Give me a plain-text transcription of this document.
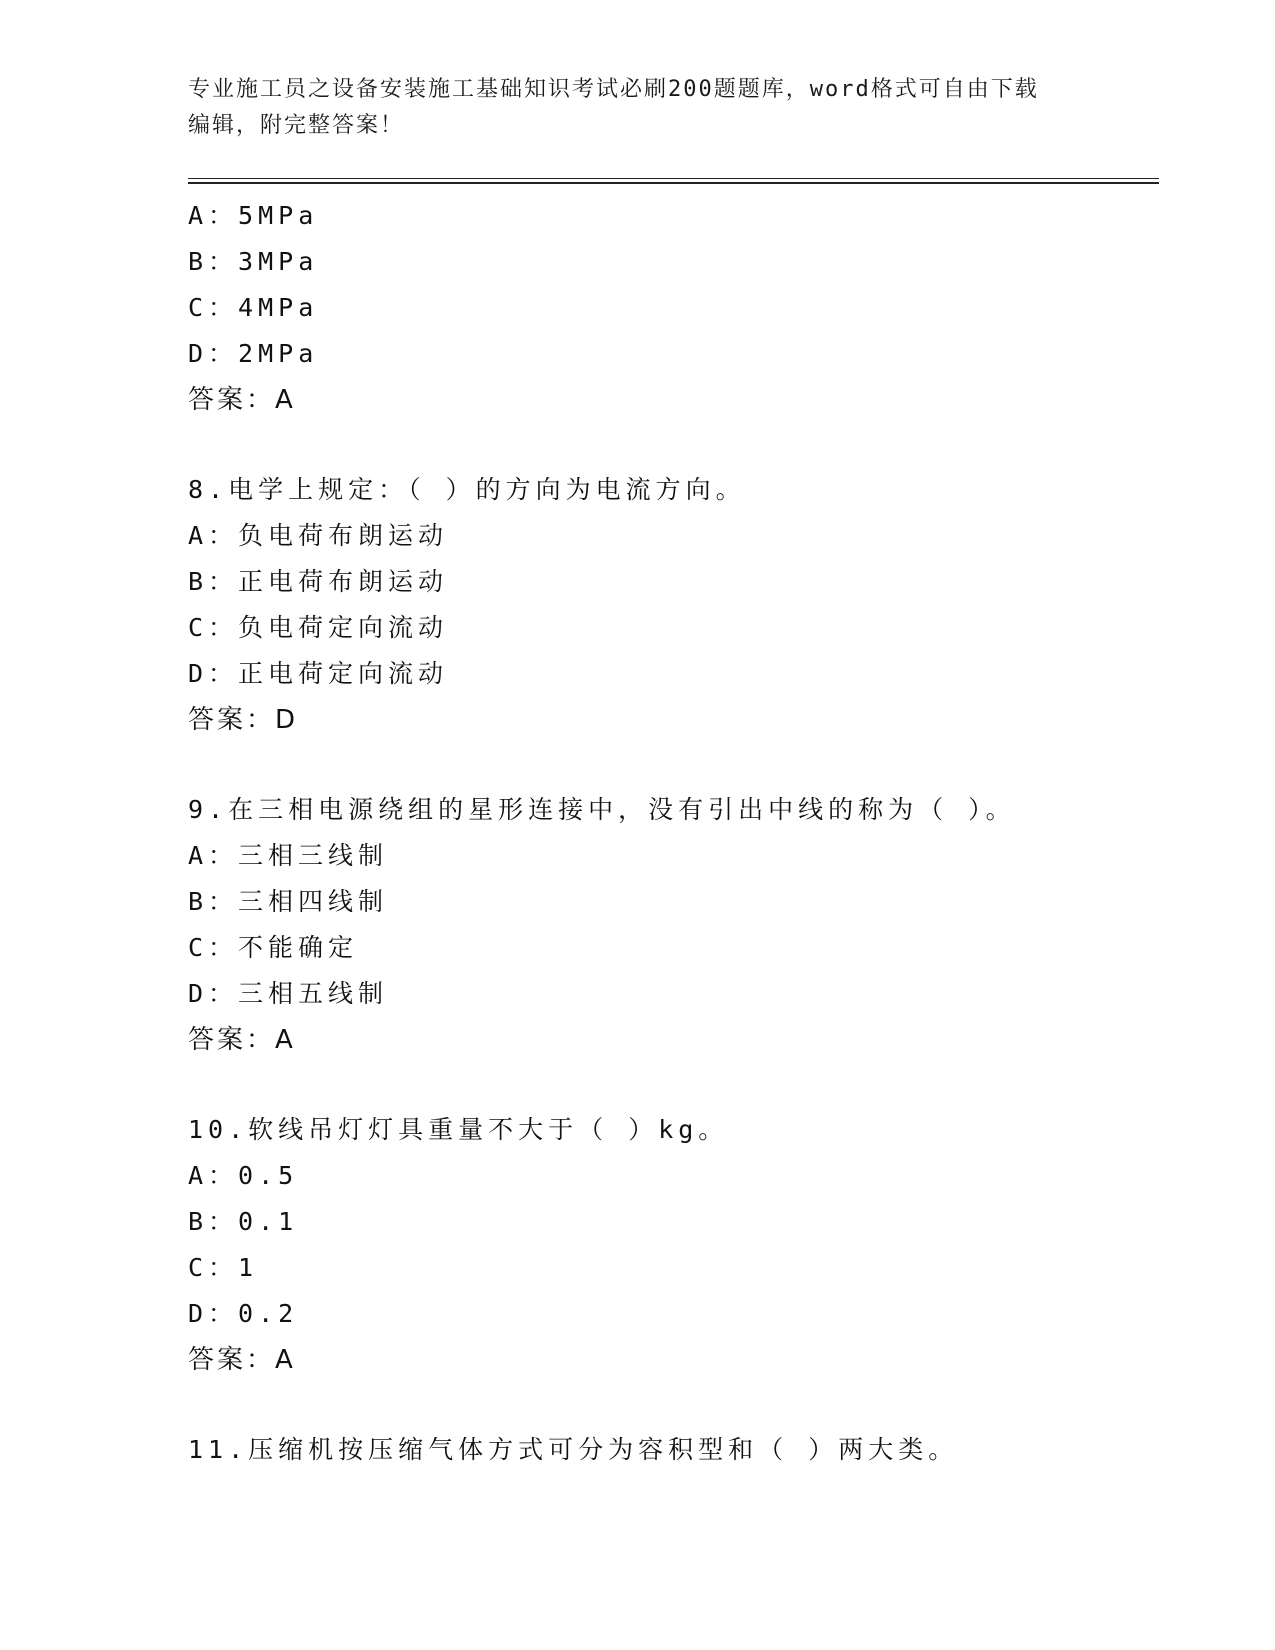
专业施工员之设备安装施工基础知识考试必刷200题题库，word格式可自由下载
编辑，附完整答案！
A：5MPa
B：3MPa
C：4MPa
D：2MPa
答案：A
8.电学上规定：（ ）的方向为电流方向。
A：负电荷布朗运动
B：正电荷布朗运动
C：负电荷定向流动
D：正电荷定向流动
答案：D
9.在三相电源绕组的星形连接中，没有引出中线的称为（ ）。
A：三相三线制
B：三相四线制
C：不能确定
D：三相五线制
答案：A
10.软线吊灯灯具重量不大于（ ）kg。
A：0.5
B：0.1
C：1
D：0.2
答案：A
11.压缩机按压缩气体方式可分为容积型和（ ）两大类。
